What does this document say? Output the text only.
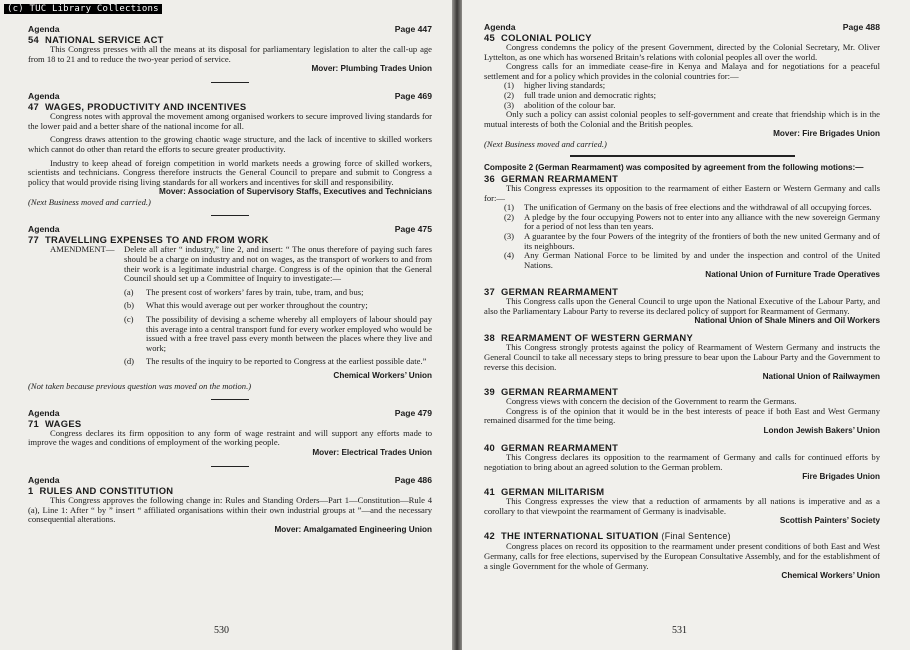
Agenda	Page 447
54 NATIONAL SERVICE ACT

This Congress presses with all the means at its disposal for parliamentary legislation to alter the call-up age from 18 to 21 and to reduce the two-year period of service.

Mover: Plumbing Trades Union
Agenda	Page 469
47 WAGES, PRODUCTIVITY AND INCENTIVES

Congress notes with approval the movement among organised workers to secure improved living standards for the lower paid and a better share of the national income for all.

Congress draws attention to the growing chaotic wage structure, and the lack of incentive to skilled workers which cannot do other than retard the efforts to secure greater productivity.

Industry to keep ahead of foreign competition in world markets needs a growing force of skilled workers, scientists and technicians. Congress therefore instructs the General Council to prepare and submit to Congress a policy that would provide rising living standards for all workers and incentives for skill and responsibility.

Mover: Association of Supervisory Staffs, Executives and Technicians
(Next Business moved and carried.)
Agenda	Page 475
77 TRAVELLING EXPENSES TO AND FROM WORK
AMENDMENT—	Delete all after “ industry,” line 2, and insert: “ The onus therefore of paying such fares should be a charge on industry and not on wages, as the transport of workers to and from their work is a legitimate industrial charge. Congress is of the opinion that the General Council should set up a Committee of Inquiry to investigate:—
(a)	The present cost of workers’ fares by train, tube, tram, and bus;
(b)	What this would average out per worker throughout the country;
(c)	The possibility of devising a scheme whereby all employers of labour should pay this average into a central transport fund for every worker employed who would be issued with a free travel pass every month between the places where they live and work;
(d)	The results of the inquiry to be reported to Congress at the earliest possible date.”
Chemical Workers’ Union
(Not taken because previous question was moved on the motion.)
Agenda	Page 479
71 WAGES

Congress declares its firm opposition to any form of wage restraint and will support any efforts made to improve the wages and conditions of employment of the working people.

Mover: Electrical Trades Union
Agenda	Page 486
1 RULES AND CONSTITUTION

This Congress approves the following change in: Rules and Standing Orders—Part 1—Constitution—Rule 4 (a), Line 1: After “ by ” insert “ affiliated organisations within their own industrial groups at ”—and the necessary consequential alterations.

Mover: Amalgamated Engineering Union
530
Agenda	Page 488
45 COLONIAL POLICY

Congress condemns the policy of the present Government, directed by the Colonial Secretary, Mr. Oliver Lyttelton, as one which has worsened Britain’s relations with colonial peoples all over the world.

Congress calls for an immediate cease-fire in Kenya and Malaya and for negotiations for a peaceful settlement and for a policy which provides in the colonial countries for:—

(1)	higher living standards;
(2)	full trade union and democratic rights;
(3)	abolition of the colour bar.

Only such a policy can assist colonial peoples to self-government and create that friendship which is in the mutual interests of both the Colonial and the British peoples.

Mover: Fire Brigades Union
(Next Business moved and carried.)
Composite 2 (German Rearmament) was composited by agreement from the following motions:—
36 GERMAN REARMAMENT

This Congress expresses its opposition to the rearmament of either Eastern or Western Germany and calls for:—

(1)	The unification of Germany on the basis of free elections and the withdrawal of all occupying forces.
(2)	A pledge by the four occupying Powers not to enter into any alliance with the new sovereign Germany for a period of not less than ten years.
(3)	A guarantee by the four Powers of the integrity of the frontiers of both the new united Germany and of its neighbours.
(4)	Any German National Force to be limited by and under the inspection and control of the United Nations.
National Union of Furniture Trade Operatives
37 GERMAN REARMAMENT

This Congress calls upon the General Council to urge upon the National Executive of the Labour Party, and also the Parliamentary Labour Party to reverse its declared policy of support for Rearmament of Germany.

National Union of Shale Miners and Oil Workers
38 REARMAMENT OF WESTERN GERMANY

This Congress strongly protests against the policy of Rearmament of Western Germany and instructs the General Council to take all necessary steps to bring pressure to bear upon the Labour Party and the Government to reverse this decision.

National Union of Railwaymen
39 GERMAN REARMAMENT

Congress views with concern the decision of the Government to rearm the Germans.

Congress is of the opinion that it would be in the best interests of peace if both East and West Germany remained disarmed for the time being.

London Jewish Bakers’ Union
40 GERMAN REARMAMENT

This Congress declares its opposition to the rearmament of Germany and calls for continued efforts by negotiation to bring about an agreed solution to the German problem.

Fire Brigades Union
41 GERMAN MILITARISM

This Congress expresses the view that a reduction of armaments by all nations is imperative and as a corollary to that viewpoint the rearmament of Germany is inadvisable.

Scottish Painters’ Society
42 THE INTERNATIONAL SITUATION (Final Sentence)

Congress places on record its opposition to the rearmament under present conditions of both East and West Germany, calls for free elections, supervised by the European Consultative Assembly, and for the establishment of a single Government for the whole of Germany.

Chemical Workers’ Union
531
(c) TUC Library Collections
